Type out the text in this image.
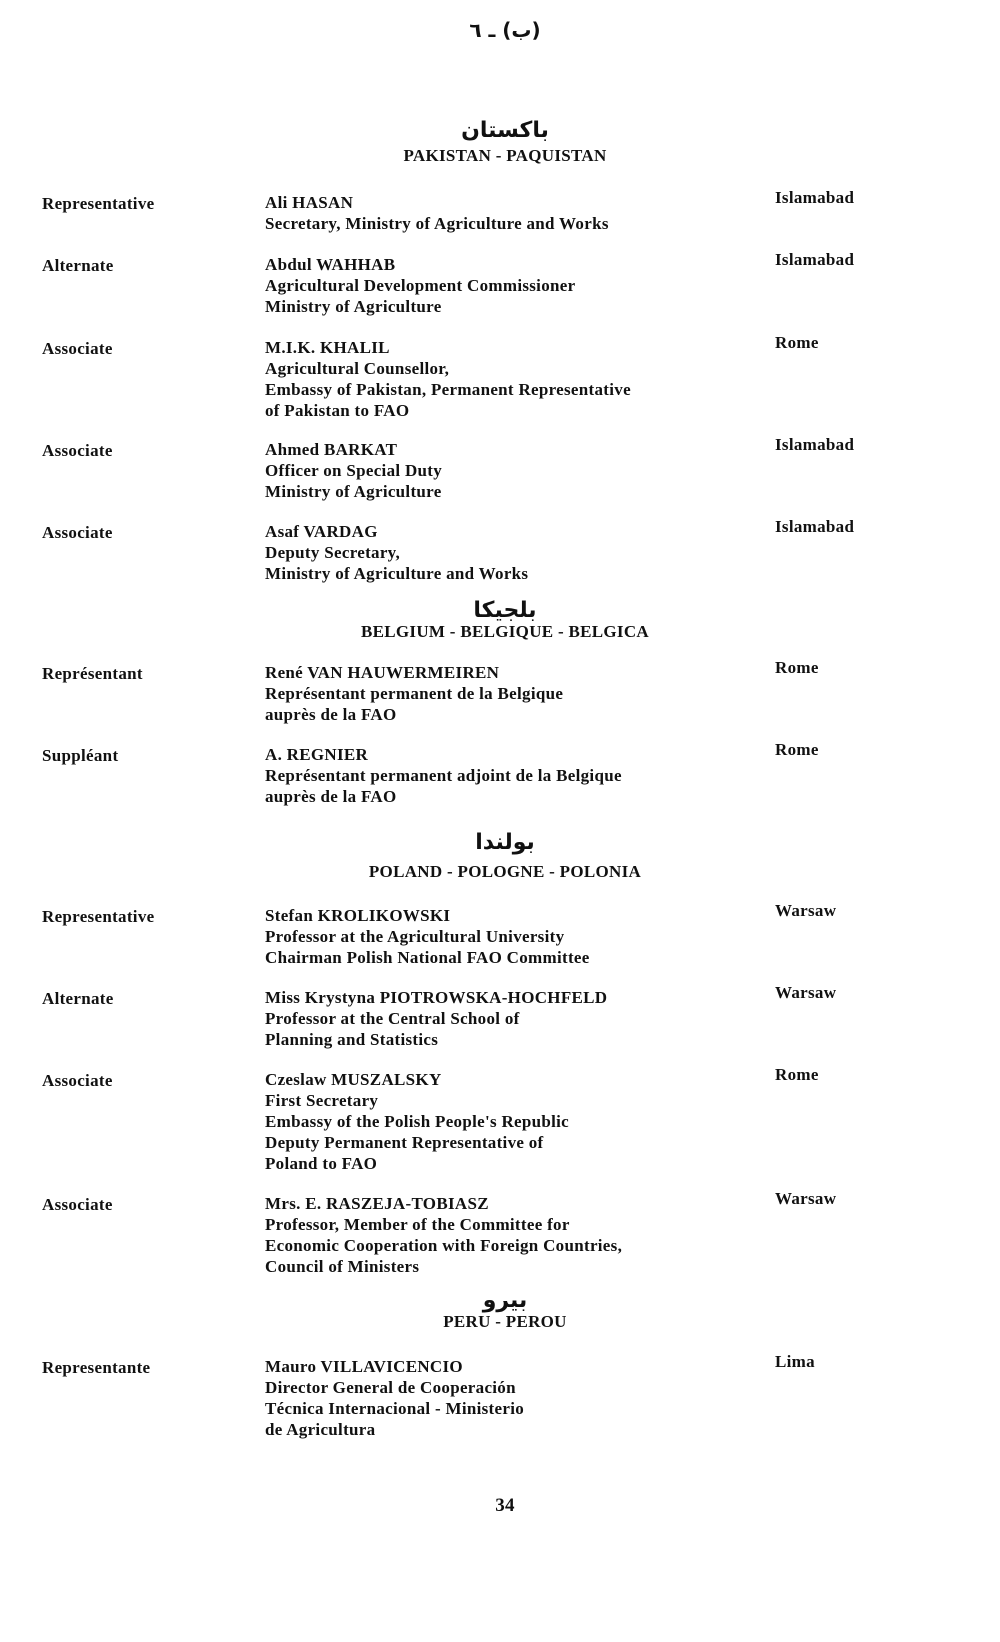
(ب) ـ ٦
باكستان
PAKISTAN - PAQUISTAN
Representative	Ali HASAN
Secretary, Ministry of Agriculture and Works
Islamabad
Alternate	Abdul WAHHAB
Agricultural Development Commissioner
Ministry of Agriculture
Islamabad
Associate	M.I.K. KHALIL
Agricultural Counsellor,
Embassy of Pakistan, Permanent Representative
of Pakistan to FAO
Rome
Associate	Ahmed BARKAT
Officer on Special Duty
Ministry of Agriculture
Islamabad
Associate	Asaf VARDAG
Deputy Secretary,
Ministry of Agriculture and Works
Islamabad
بلجيكا
BELGIUM - BELGIQUE - BELGICA
Représentant	René VAN HAUWERMEIREN
Représentant permanent de la Belgique
auprès de la FAO
Rome
Suppléant	A. REGNIER
Représentant permanent adjoint de la Belgique
auprès de la FAO
Rome
بولندا
POLAND - POLOGNE - POLONIA
Representative	Stefan KROLIKOWSKI
Professor at the Agricultural University
Chairman Polish National FAO Committee
Warsaw
Alternate	Miss Krystyna PIOTROWSKA-HOCHFELD
Professor at the Central School of
Planning and Statistics
Warsaw
Associate	Czeslaw MUSZALSKY
First Secretary
Embassy of the Polish People's Republic
Deputy Permanent Representative of
Poland to FAO
Rome
Associate	Mrs. E. RASZEJA-TOBIASZ
Professor, Member of the Committee for
Economic Cooperation with Foreign Countries,
Council of Ministers
Warsaw
بيرو
PERU - PEROU
Representante	Mauro VILLAVICENCIO
Director General de Cooperación
Técnica Internacional - Ministerio
de Agricultura
Lima
34
